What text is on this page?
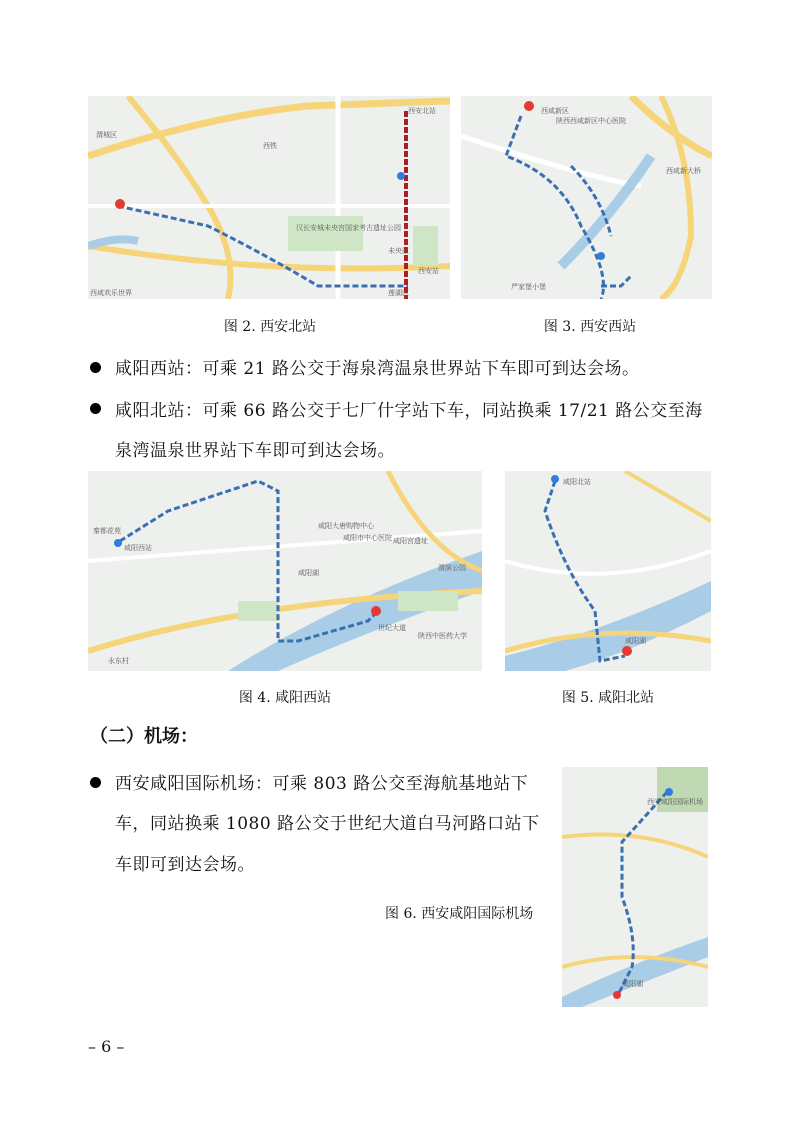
渭城区
西安北站
西铁
汉长安城未央宫国家考古遗址公园
未央区
莲湖区
西安站
西咸欢乐世界
图 2. 西安北站
西咸新区
陕西西咸新区中心医院
西咸新大桥
严家堡小堡
图 3. 西安西站
咸阳西站：可乘 21 路公交于海泉湾温泉世界站下车即可到达会场。
咸阳北站：可乘 66 路公交于七厂什字站下车，同站换乘 17/21 路公交至海
泉湾温泉世界站下车即可到达会场。
秦都花苑
咸阳西站
咸阳市中心医院
咸阳大唐购物中心
咸阳宫遗址
渭滨公园
世纪大道
陕西中医药大学
咸阳湖
永东村
图 4. 咸阳西站
咸阳北站
咸阳湖
图 5. 咸阳北站
（二）机场：
西安咸阳国际机场：可乘 803 路公交至海航基地站下
车，同站换乘 1080 路公交于世纪大道白马河路口站下
车即可到达会场。
图 6. 西安咸阳国际机场
西安咸阳国际机场
咸阳湖
– 6 –
